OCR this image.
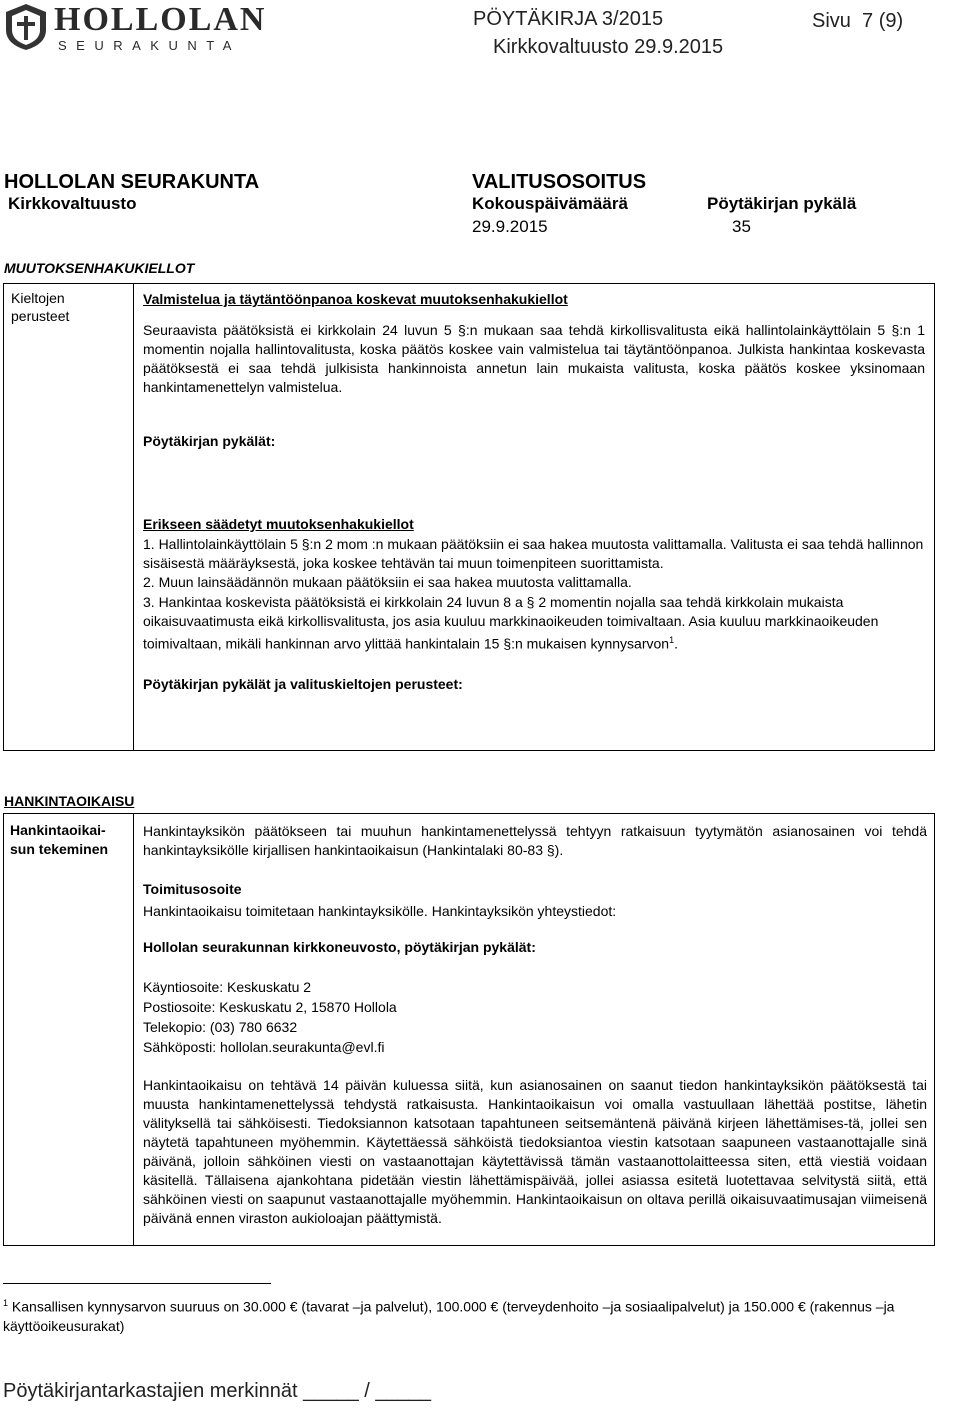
HOLLOLAN
SEURAKUNTA
PÖYTÄKIRJA 3/2015	Sivu  7 (9)
Kirkkovaltuusto 29.9.2015
HOLLOLAN SEURAKUNTA
Kirkkovaltuusto
VALITUSOSOITUS
Kokouspäivämäärä	Pöytäkirjan pykälä
29.9.2015	35
MUUTOKSENHAKUKIELLOT
Kieltojen
perusteet
Valmistelua ja täytäntöönpanoa koskevat muutoksenhakukiellot
Seuraavista päätöksistä ei kirkkolain 24 luvun 5 §:n mukaan saa tehdä kirkollisvalitusta eikä hallintolainkäyttölain 5 §:n 1 momentin nojalla hallintovalitusta, koska päätös koskee vain valmistelua tai täytäntöönpanoa. Julkista hankintaa koskevasta päätöksestä ei saa tehdä julkisista hankinnoista annetun lain mukaista valitusta, koska päätös koskee yksinomaan hankintamenettelyn valmistelua.
Pöytäkirjan pykälät:
Erikseen säädetyt muutoksenhakukiellot
1. Hallintolainkäyttölain 5 §:n 2 mom :n mukaan päätöksiin ei saa hakea muutosta valittamalla. Valitusta ei saa tehdä hallinnon sisäisestä määräyksestä, joka koskee tehtävän tai muun toimenpiteen suorittamista.
2. Muun lainsäädännön mukaan päätöksiin ei saa hakea muutosta valittamalla.
3. Hankintaa koskevista päätöksistä ei kirkkolain 24 luvun 8 a § 2 momentin nojalla saa tehdä kirkkolain mukaista oikaisuvaatimusta eikä kirkollisvalitusta, jos asia kuuluu markkinaoikeuden toimivaltaan. Asia kuuluu markkinaoikeuden toimivaltaan, mikäli hankinnan arvo ylittää hankintalain 15 §:n mukaisen kynnysarvon$^1$.
Pöytäkirjan pykälät ja valituskieltojen perusteet:
HANKINTAOIKAISU
Hankintaoikai-
sun tekeminen
Hankintayksikön päätökseen tai muuhun hankintamenettelyssä tehtyyn ratkaisuun tyytymätön asianosainen voi tehdä hankintayksikölle kirjallisen hankintaoikaisun (Hankintalaki 80-83 §).
Toimitusosoite
Hankintaoikaisu toimitetaan hankintayksikölle. Hankintayksikön yhteystiedot:
Hollolan seurakunnan kirkkoneuvosto, pöytäkirjan pykälät:
Käyntiosoite: Keskuskatu 2
Postiosoite: Keskuskatu 2, 15870 Hollola
Telekopio: (03) 780 6632
Sähköposti: hollolan.seurakunta@evl.fi
Hankintaoikaisu on tehtävä 14 päivän kuluessa siitä, kun asianosainen on saanut tiedon hankintayksikön päätöksestä tai muusta hankintamenettelyssä tehdystä ratkaisusta. Hankintaoikaisun voi omalla vastuullaan lähettää postitse, lähetin välityksellä tai sähköisesti. Tiedoksiannon katsotaan tapahtuneen seitsemäntenä päivänä kirjeen lähettämises-tä, jollei sen näytetä tapahtuneen myöhemmin. Käytettäessä sähköistä tiedoksiantoa viestin katsotaan saapuneen vastaanottajalle sinä päivänä, jolloin sähköinen viesti on vastaanottajan käytettävissä tämän vastaanottolaitteessa siten, että viestiä voidaan käsitellä. Tällaisena ajankohtana pidetään viestin lähettämispäivää, jollei asiassa esitetä luotettavaa selvitystä siitä, että sähköinen viesti on saapunut vastaanottajalle myöhemmin. Hankintaoikaisun on oltava perillä oikaisuvaatimusajan viimeisenä päivänä ennen viraston aukioloajan päättymistä.
$^1$ Kansallisen kynnysarvon suuruus on 30.000 € (tavarat –ja palvelut), 100.000 € (terveydenhoito –ja sosiaalipalvelut) ja 150.000 € (rakennus –ja käyttöoikeusurakat)
Pöytäkirjantarkastajien merkinnät _____ / _____
